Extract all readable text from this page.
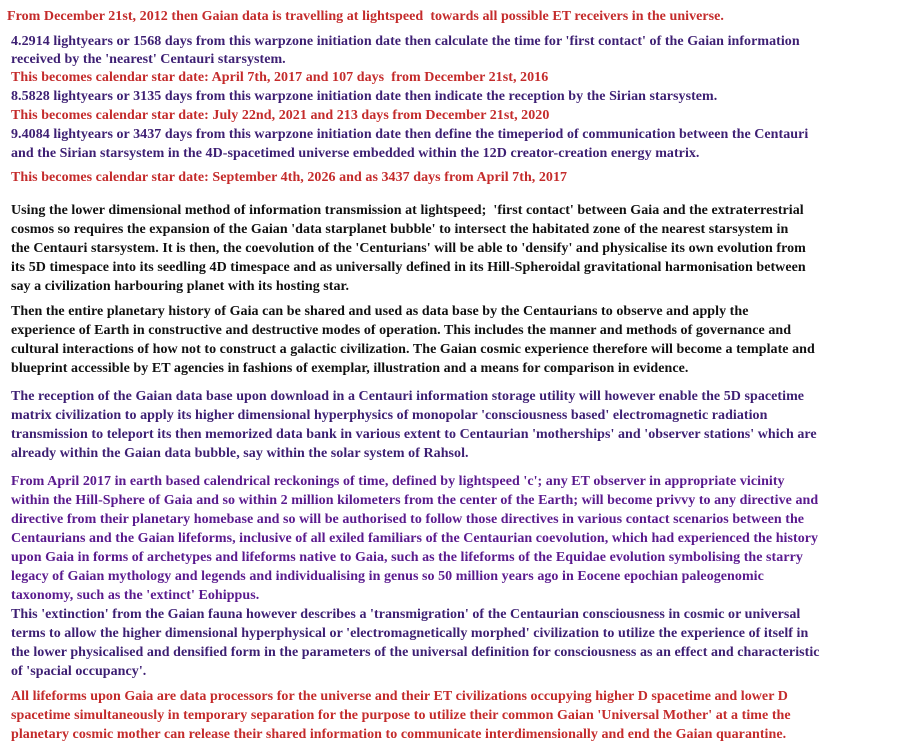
From December 21st, 2012 then Gaian data is travelling at lightspeed  towards all possible ET receivers in the universe.

4.2914 lightyears or 1568 days from this warpzone initiation date then calculate the time for 'first contact' of the Gaian information

received by the 'nearest' Centauri starsystem.

This becomes calendar star date: April 7th, 2017 and 107 days  from December 21st, 2016

8.5828 lightyears or 3135 days from this warpzone initiation date then indicate the reception by the Sirian starsystem.

This becomes calendar star date: July 22nd, 2021 and 213 days from December 21st, 2020

9.4084 lightyears or 3437 days from this warpzone initiation date then define the timeperiod of communication between the Centauri

and the Sirian starsystem in the 4D-spacetimed universe embedded within the 12D creator-creation energy matrix.

This becomes calendar star date: September 4th, 2026 and as 3437 days from April 7th, 2017

Using the lower dimensional method of information transmission at lightspeed;  'first contact' between Gaia and the extraterrestrial

cosmos so requires the expansion of the Gaian 'data starplanet bubble' to intersect the habitated zone of the nearest starsystem in

the Centauri starsystem. It is then, the coevolution of the 'Centurians' will be able to 'densify' and physicalise its own evolution from

its 5D timespace into its seedling 4D timespace and as universally defined in its Hill-Spheroidal gravitational harmonisation between

say a civilization harbouring planet with its hosting star.

Then the entire planetary history of Gaia can be shared and used as data base by the Centaurians to observe and apply the

experience of Earth in constructive and destructive modes of operation. This includes the manner and methods of governance and

cultural interactions of how not to construct a galactic civilization. The Gaian cosmic experience therefore will become a template and

blueprint accessible by ET agencies in fashions of exemplar, illustration and a means for comparison in evidence.

The reception of the Gaian data base upon download in a Centauri information storage utility will however enable the 5D spacetime

matrix civilization to apply its higher dimensional hyperphysics of monopolar 'consciousness based' electromagnetic radiation

transmission to teleport its then memorized data bank in various extent to Centaurian 'motherships' and 'observer stations' which are

already within the Gaian data bubble, say within the solar system of Rahsol.

From April 2017 in earth based calendrical reckonings of time, defined by lightspeed 'c'; any ET observer in appropriate vicinity

within the Hill-Sphere of Gaia and so within 2 million kilometers from the center of the Earth; will become privvy to any directive and

directive from their planetary homebase and so will be authorised to follow those directives in various contact scenarios between the

Centaurians and the Gaian lifeforms, inclusive of all exiled familiars of the Centaurian coevolution, which had experienced the history

upon Gaia in forms of archetypes and lifeforms native to Gaia, such as the lifeforms of the Equidae evolution symbolising the starry

legacy of Gaian mythology and legends and individualising in genus so 50 million years ago in Eocene epochian paleogenomic

taxonomy, such as the 'extinct' Eohippus.

This 'extinction' from the Gaian fauna however describes a 'transmigration' of the Centaurian consciousness in cosmic or universal

terms to allow the higher dimensional hyperphysical or 'electromagnetically morphed' civilization to utilize the experience of itself in

the lower physicalised and densified form in the parameters of the universal definition for consciousness as an effect and characteristic

of 'spacial occupancy'.

All lifeforms upon Gaia are data processors for the universe and their ET civilizations occupying higher D spacetime and lower D

spacetime simultaneously in temporary separation for the purpose to utilize their common Gaian 'Universal Mother' at a time the

planetary cosmic mother can release their shared information to communicate interdimensionally and end the Gaian quarantine.
